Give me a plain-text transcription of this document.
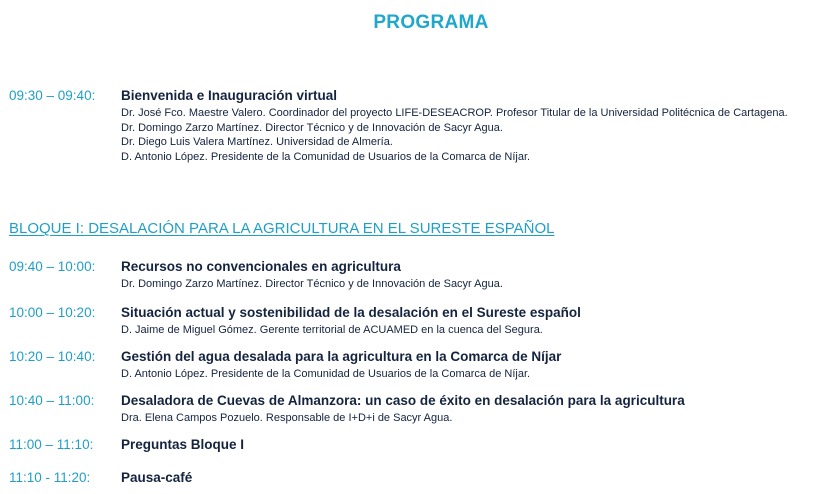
PROGRAMA
09:30 – 09:40: Bienvenida e Inauguración virtual
Dr. José Fco. Maestre Valero. Coordinador del proyecto LIFE-DESEACROP. Profesor Titular de la Universidad Politécnica de Cartagena.
Dr. Domingo Zarzo Martínez. Director Técnico y de Innovación de Sacyr Agua.
Dr. Diego Luis Valera Martínez. Universidad de Almería.
D. Antonio López. Presidente de la Comunidad de Usuarios de la Comarca de Níjar.
BLOQUE I: DESALACIÓN PARA LA AGRICULTURA EN EL SURESTE ESPAÑOL
09:40 – 10:00: Recursos no convencionales en agricultura
Dr. Domingo Zarzo Martínez. Director Técnico y de Innovación de Sacyr Agua.
10:00 – 10:20: Situación actual y sostenibilidad de la desalación en el Sureste español
D. Jaime de Miguel Gómez. Gerente territorial de ACUAMED en la cuenca del Segura.
10:20 – 10:40: Gestión del agua desalada para la agricultura en la Comarca de Níjar
D. Antonio López. Presidente de la Comunidad de Usuarios de la Comarca de Níjar.
10:40 – 11:00: Desaladora de Cuevas de Almanzora: un caso de éxito en desalación para la agricultura
Dra. Elena Campos Pozuelo. Responsable de I+D+i de Sacyr Agua.
11:00 – 11:10: Preguntas Bloque I
11:10 - 11:20: Pausa-café
